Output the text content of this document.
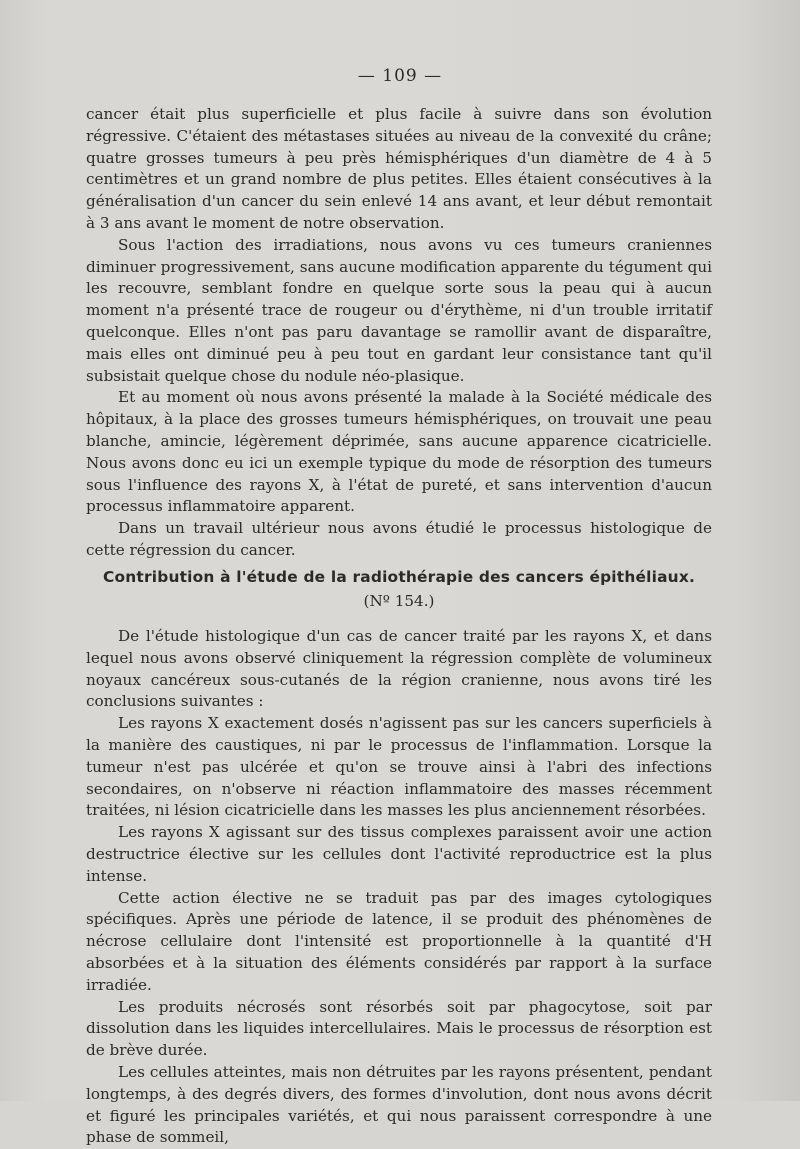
— 109 —

cancer était plus superficielle et plus facile à suivre dans son évolution régressive. C'étaient des métastases situées au niveau de la convexité du crâne; quatre grosses tumeurs à peu près hémisphériques d'un diamètre de 4 à 5 centimètres et un grand nombre de plus petites. Elles étaient consécutives à la généralisation d'un cancer du sein enlevé 14 ans avant, et leur début remontait à 3 ans avant le moment de notre observation.

Sous l'action des irradiations, nous avons vu ces tumeurs craniennes diminuer progressivement, sans aucune modification apparente du tégument qui les recouvre, semblant fondre en quelque sorte sous la peau qui à aucun moment n'a présenté trace de rougeur ou d'érythème, ni d'un trouble irritatif quelconque. Elles n'ont pas paru davantage se ramollir avant de disparaître, mais elles ont diminué peu à peu tout en gardant leur consistance tant qu'il subsistait quelque chose du nodule néo-plasique.

Et au moment où nous avons présenté la malade à la Société médicale des hôpitaux, à la place des grosses tumeurs hémisphériques, on trouvait une peau blanche, amincie, légèrement déprimée, sans aucune apparence cicatricielle. Nous avons donc eu ici un exemple typique du mode de résorption des tumeurs sous l'influence des rayons X, à l'état de pureté, et sans intervention d'aucun processus inflammatoire apparent.

Dans un travail ultérieur nous avons étudié le processus histologique de cette régression du cancer.

Contribution à l'étude de la radiothérapie des cancers épithéliaux.
(Nº 154.)

De l'étude histologique d'un cas de cancer traité par les rayons X, et dans lequel nous avons observé cliniquement la régression complète de volumineux noyaux cancéreux sous-cutanés de la région cranienne, nous avons tiré les conclusions suivantes :

Les rayons X exactement dosés n'agissent pas sur les cancers superficiels à la manière des caustiques, ni par le processus de l'inflammation. Lorsque la tumeur n'est pas ulcérée et qu'on se trouve ainsi à l'abri des infections secondaires, on n'observe ni réaction inflammatoire des masses récemment traitées, ni lésion cicatricielle dans les masses les plus anciennement résorbées.

Les rayons X agissant sur des tissus complexes paraissent avoir une action destructrice élective sur les cellules dont l'activité reproductrice est la plus intense.

Cette action élective ne se traduit pas par des images cytologiques spécifiques. Après une période de latence, il se produit des phénomènes de nécrose cellulaire dont l'intensité est proportionnelle à la quantité d'H absorbées et à la situation des éléments considérés par rapport à la surface irradiée.

Les produits nécrosés sont résorbés soit par phagocytose, soit par dissolution dans les liquides intercellulaires. Mais le processus de résorption est de brève durée.

Les cellules atteintes, mais non détruites par les rayons présentent, pendant longtemps, à des degrés divers, des formes d'involution, dont nous avons décrit et figuré les principales variétés, et qui nous paraissent correspondre à une phase de sommeil,
